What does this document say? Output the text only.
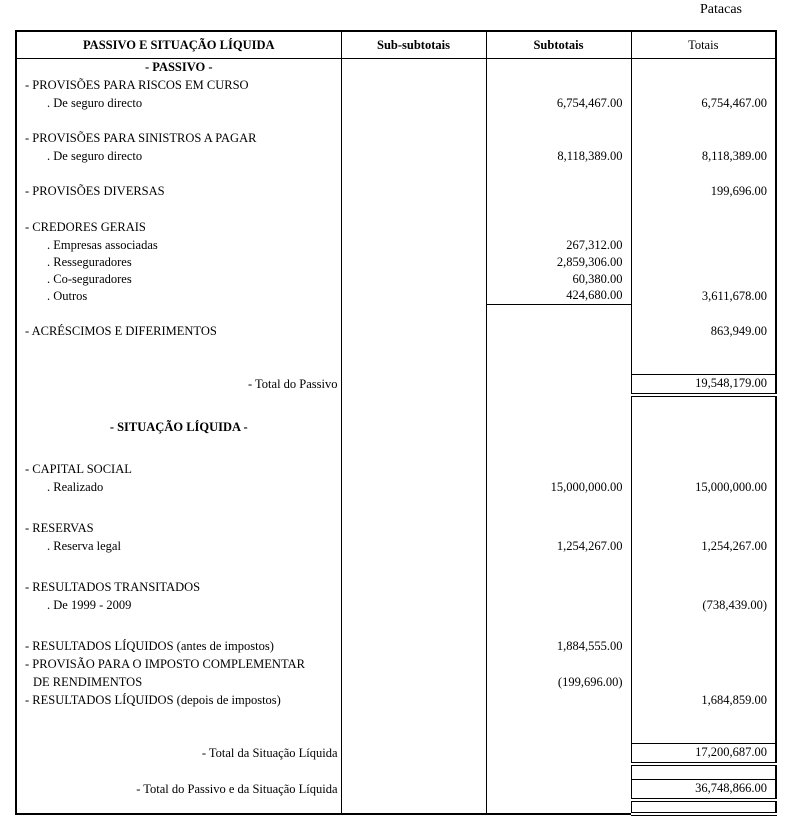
Patacas
PASSIVO E SITUAÇÃO LÍQUIDA	Sub-subtotais	Subtotais	Totais
- PASSIVO -			
- PROVISÕES PARA RISCOS EM CURSO			
. De seguro directo		6,754,467.00	6,754,467.00

- PROVISÕES PARA SINISTROS A PAGAR			
. De seguro directo		8,118,389.00	8,118,389.00

- PROVISÕES DIVERSAS			199,696.00

- CREDORES GERAIS			
. Empresas associadas		267,312.00	
. Resseguradores		2,859,306.00	
. Co-seguradores		60,380.00	
. Outros		424,680.00	3,611,678.00

- ACRÉSCIMOS E DIFERIMENTOS			863,949.00

- Total do Passivo			19,548,179.00

- SITUAÇÃO LÍQUIDA -			

- CAPITAL SOCIAL			
. Realizado		15,000,000.00	15,000,000.00

- RESERVAS			
. Reserva legal		1,254,267.00	1,254,267.00

- RESULTADOS TRANSITADOS			
. De 1999 - 2009			(738,439.00)

- RESULTADOS LÍQUIDOS (antes de impostos)		1,884,555.00	
- PROVISÃO PARA O IMPOSTO COMPLEMENTAR			
DE RENDIMENTOS		(199,696.00)	
- RESULTADOS LÍQUIDOS (depois de impostos)			1,684,859.00

- Total da Situação Líquida			17,200,687.00

- Total do Passivo e da Situação Líquida			36,748,866.00
